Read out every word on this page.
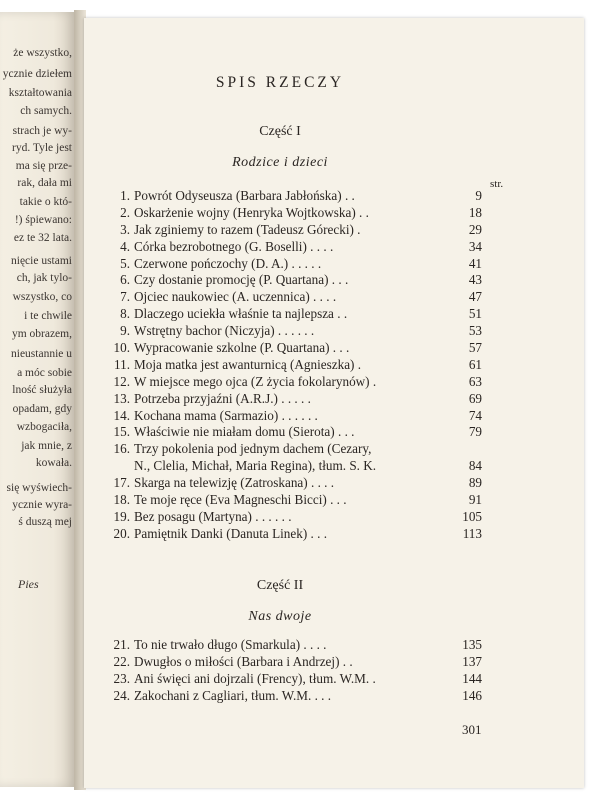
że wszystko,
ycznie dziełem
kształtowania
ch samych.
strach je wy-
ryd. Tyle jest
ma się prze-
rak, dała mi
takie o któ-
!) śpiewano:
ez te 32 lata.
nięcie ustami
ch, jak tylo-
wszystko, co
i te chwile
ym obrazem,
nieustannie u
a móc sobie
lność służyła
opadam, gdy
wzbogaciła,
jak mnie, z
kowała.
się wyświech-
ycznie wyra-
ś duszą mej
Pies
SPIS RZECZY
Część I
Rodzice i dzieci
str.
1. Powrót Odyseusza (Barbara Jabłońska) . .	9
2. Oskarżenie wojny (Henryka Wojtkowska) . .	18
3. Jak zginiemy to razem (Tadeusz Górecki) .	29
4. Córka bezrobotnego (G. Boselli) . . . .	34
5. Czerwone pończochy (D. A.) . . . . .	41
6. Czy dostanie promocję (P. Quartana) . . .	43
7. Ojciec naukowiec (A. uczennica) . . . .	47
8. Dlaczego uciekła właśnie ta najlepsza . .	51
9. Wstrętny bachor (Niczyja) . . . . . .	53
10. Wypracowanie szkolne (P. Quartana) . . .	57
11. Moja matka jest awanturnicą (Agnieszka) .	61
12. W miejsce mego ojca (Z życia fokolarynów) .	63
13. Potrzeba przyjaźni (A.R.J.) . . . . .	69
14. Kochana mama (Sarmazio) . . . . . .	74
15. Właściwie nie miałam domu (Sierota) . . .	79
16. Trzy pokolenia pod jednym dachem (Cezary,
N., Clelia, Michał, Maria Regina), tłum. S. K.	84
17. Skarga na telewizję (Zatroskana) . . . .	89
18. Te moje ręce (Eva Magneschi Bicci) . . .	91
19. Bez posagu (Martyna) . . . . . .	105
20. Pamiętnik Danki (Danuta Linek) . . .	113
Część II
Nas dwoje
21. To nie trwało długo (Smarkula) . . . .	135
22. Dwugłos o miłości (Barbara i Andrzej) . .	137
23. Ani święci ani dojrzali (Frency), tłum. W.M. .	144
24. Zakochani z Cagliari, tłum. W.M. . . .	146
301
